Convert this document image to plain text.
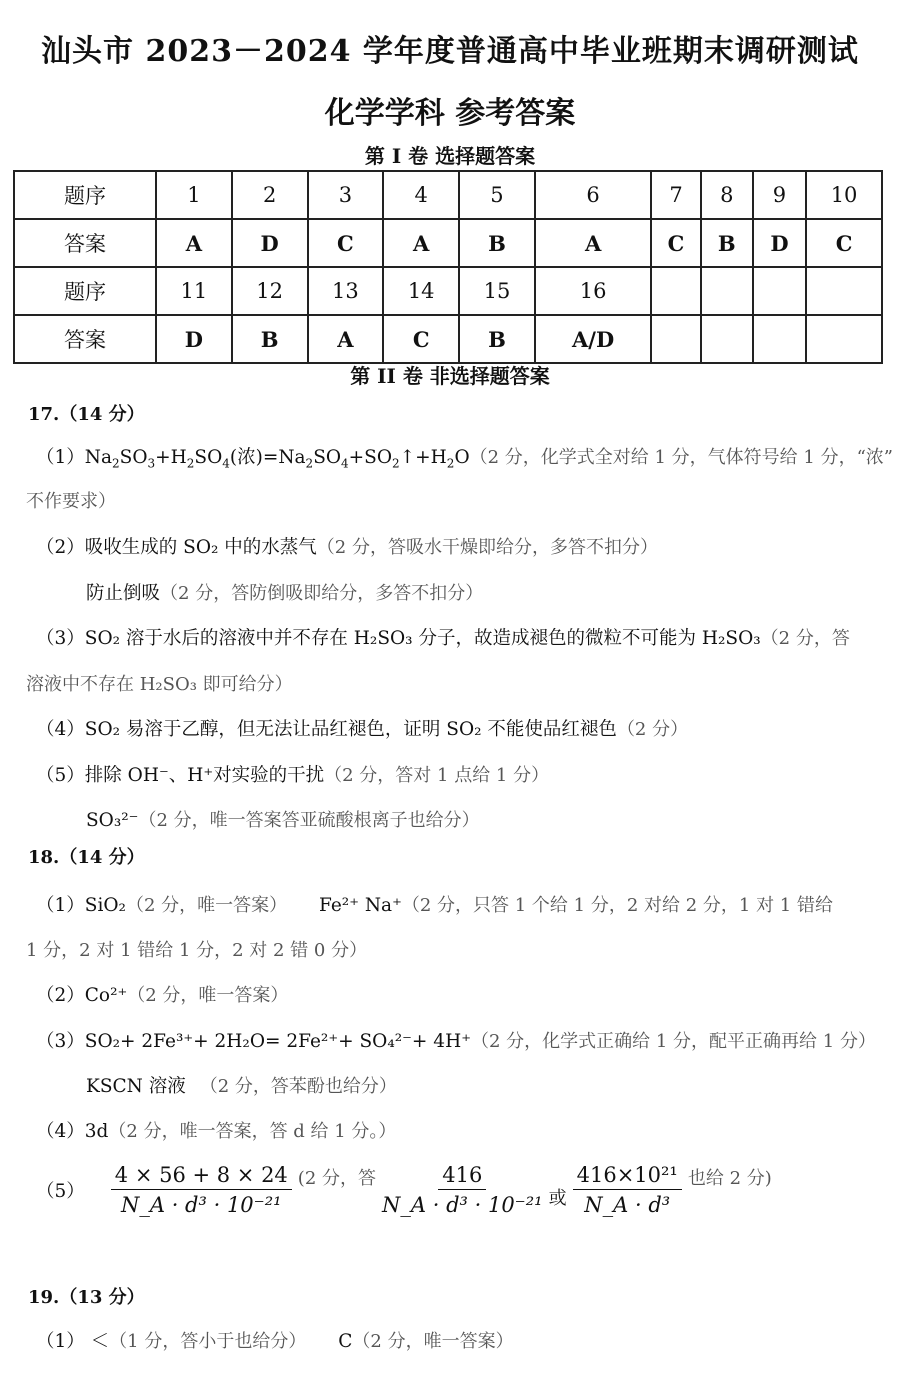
汕头市 2023－2024 学年度普通高中毕业班期末调研测试
化学学科 参考答案
第 I 卷 选择题答案
题序	1	2	3	4	5	6	7	8	9	10
答案	A	D	C	A	B	A	C	B	D	C
题序	11	12	13	14	15	16				
答案	D	B	A	C	B	A/D				
第 II 卷 非选择题答案
17.（14 分）
$(1)Na_2SO_3+H_2SO_4$(浓)$=Na_2SO_4+SO_2↑+H_2O(2$ 分，化学式全对给 1 分，气体符号给 1 分，“浓”
不作要求）
（2）吸收生成的 SO₂ 中的水蒸气（2 分，答吸水干燥即给分，多答不扣分）
防止倒吸（2 分，答防倒吸即给分，多答不扣分）
（3）SO₂ 溶于水后的溶液中并不存在 H₂SO₃ 分子，故造成褪色的微粒不可能为 H₂SO₃（2 分，答
溶液中不存在 H₂SO₃ 即可给分）
（4）SO₂ 易溶于乙醇，但无法让品红褪色，证明 SO₂ 不能使品红褪色（2 分）
（5）排除 OH⁻、H⁺对实验的干扰（2 分，答对 1 点给 1 分）
SO₃²⁻（2 分，唯一答案答亚硫酸根离子也给分）
18.（14 分）
（1）SiO₂（2 分，唯一答案） Fe²⁺ Na⁺（2 分，只答 1 个给 1 分，2 对给 2 分，1 对 1 错给
1 分，2 对 1 错给 1 分，2 对 2 错 0 分）
（2）Co²⁺（2 分，唯一答案）
（3）SO₂+ 2Fe³⁺+ 2H₂O= 2Fe²⁺+ SO₄²⁻+ 4H⁺（2 分，化学式正确给 1 分，配平正确再给 1 分）
KSCN 溶液 （2 分，答苯酚也给分）
（4）3d（2 分，唯一答案，答 d 给 1 分。）
$(5) \frac{4 \times 56 + 8 \times 24}{\text{N\_A · d³ · 10⁻²¹}} (2$ 分，答 $\frac{416}{\text{N\_A · d³ · 10⁻²¹}}$ 或 $\frac{\text{416×10²¹}}{\text{N\_A · d³}}$ 也给 2 分)
19.（13 分）
（1） ＜（1 分，答小于也给分） C（2 分，唯一答案）
